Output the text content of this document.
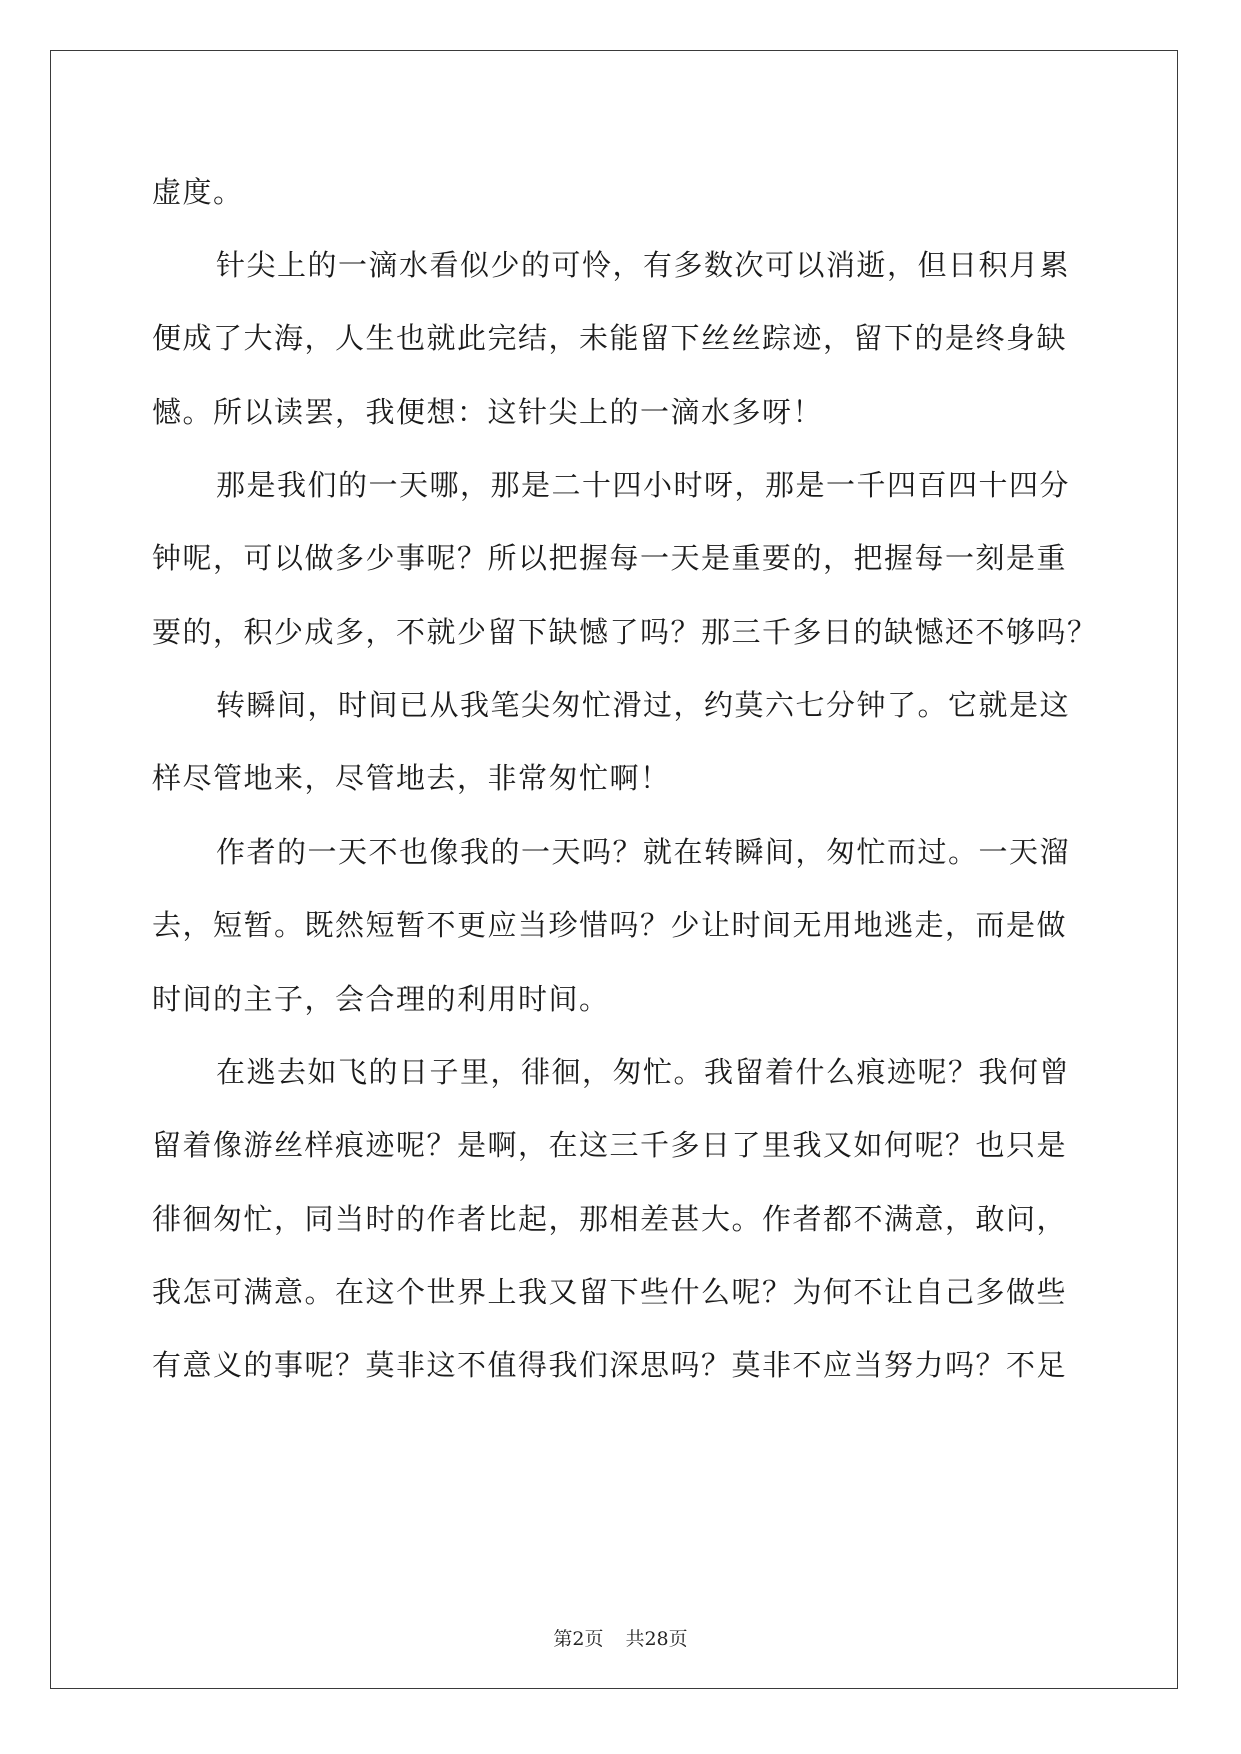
虚度。
针尖上的一滴水看似少的可怜，有多数次可以消逝，但日积月累
便成了大海，人生也就此完结，未能留下丝丝踪迹，留下的是终身缺
憾。所以读罢，我便想：这针尖上的一滴水多呀！
那是我们的一天哪，那是二十四小时呀，那是一千四百四十四分
钟呢，可以做多少事呢？所以把握每一天是重要的，把握每一刻是重
要的，积少成多，不就少留下缺憾了吗？那三千多日的缺憾还不够吗？
转瞬间，时间已从我笔尖匆忙滑过，约莫六七分钟了。它就是这
样尽管地来，尽管地去，非常匆忙啊！
作者的一天不也像我的一天吗？就在转瞬间，匆忙而过。一天溜
去，短暂。既然短暂不更应当珍惜吗？少让时间无用地逃走，而是做
时间的主子，会合理的利用时间。
在逃去如飞的日子里，徘徊，匆忙。我留着什么痕迹呢？我何曾
留着像游丝样痕迹呢？是啊，在这三千多日了里我又如何呢？也只是
徘徊匆忙，同当时的作者比起，那相差甚大。作者都不满意，敢问，
我怎可满意。在这个世界上我又留下些什么呢？为何不让自己多做些
有意义的事呢？莫非这不值得我们深思吗？莫非不应当努力吗？不足
第2页 共28页
